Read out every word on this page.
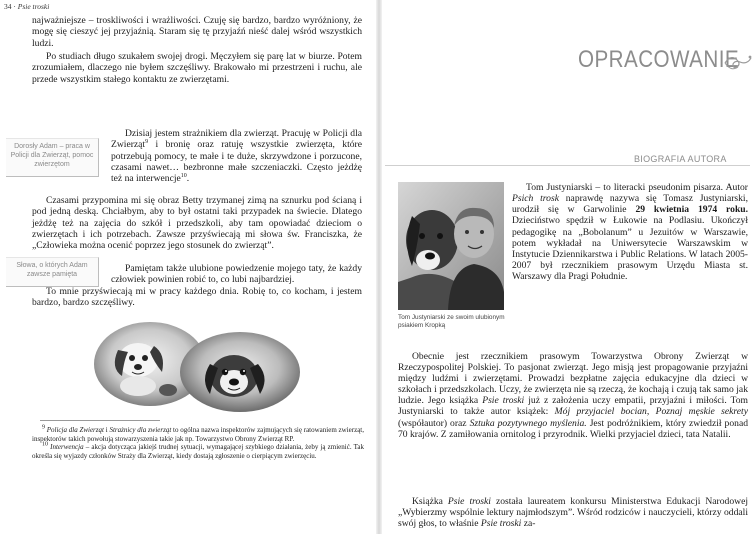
34 · Psie troski

najważniejsze – troskliwości i wrażliwości. Czuję się bardzo, bardzo wyróżniony, że mogę się cieszyć jej przyjaźnią. Staram się tę przyjaźń nieść dalej wśród wszystkich ludzi.

Po studiach długo szukałem swojej drogi. Męczyłem się parę lat w biurze. Potem zrozumiałem, dlaczego nie byłem szczęśliwy. Brakowało mi przestrzeni i ruchu, ale przede wszystkim stałego kontaktu ze zwierzętami.

Dorosły Adam – praca w Policji dla Zwierząt, pomoc zwierzętom

Dzisiaj jestem strażnikiem dla zwierząt. Pracuję w Policji dla Zwierząt$^9$ i bronię oraz ratuję wszystkie zwierzęta, które potrzebują pomocy, te małe i te duże, skrzywdzone i porzucone, czasami nawet… bezbronne małe szczeniaczki. Często jeżdżę też na interwencje$^{10}$.

Czasami przypomina mi się obraz Betty trzymanej zimą na sznurku pod ścianą i pod jedną deską. Chciałbym, aby to był ostatni taki przypadek na świecie. Dlatego jeżdżę też na zajęcia do szkół i przedszkoli, aby tam opowiadać dzieciom o zwierzętach i ich potrzebach. Zawsze przyświecają mi słowa św. Franciszka, że „Człowieka można ocenić poprzez jego stosunek do zwierząt”.

Słowa, o których Adam zawsze pamięta

Pamiętam także ulubione powiedzenie mojego taty, że każdy człowiek powinien robić to, co lubi najbardziej.

To mnie przyświecają mi w pracy każdego dnia. Robię to, co kocham, i jestem bardzo, bardzo szczęśliwy.

9 Policja dla Zwierząt i Strażnicy dla zwierząt to ogólna nazwa inspektorów zajmujących się ratowaniem zwierząt, inspektorów takich powołują stowarzyszenia takie jak np. Towarzystwo Obrony Zwierząt RP.

10 Interwencja – akcja dotycząca jakiejś trudnej sytuacji, wymagającej szybkiego działania, żeby ją zmienić. Tak określa się wyjazdy członków Straży dla Zwierząt, kiedy dostają zgłoszenie o cierpiącym zwierzęciu.

OPRACOWANIE
BIOGRAFIA AUTORA
Tom Justyniarski ze swoim ulubionym psiakiem Kropką

Tom Justyniarski – to literacki pseudonim pisarza. Autor Psich trosk naprawdę nazywa się Tomasz Justyniarski, urodził się w Garwolinie 29 kwietnia 1974 roku. Dzieciństwo spędził w Łukowie na Podlasiu. Ukończył pedagogikę na „Bobolanum” u Jezuitów w Warszawie, potem wykładał na Uniwersytecie Warszawskim w Instytucie Dziennikarstwa i Public Relations. W latach 2005-2007 był rzecznikiem prasowym Urzędu Miasta st. Warszawy dla Pragi Południe.

Obecnie jest rzecznikiem prasowym Towarzystwa Obrony Zwierząt w Rzeczypospolitej Polskiej. To pasjonat zwierząt. Jego misją jest propagowanie przyjaźni między ludźmi i zwierzętami. Prowadzi bezpłatne zajęcia edukacyjne dla dzieci w szkołach i przedszkolach. Uczy, że zwierzęta nie są rzeczą, że kochają i czują tak samo jak ludzie. Jego książka Psie troski już z założenia uczy empatii, przyjaźni i miłości. Tom Justyniarski to także autor książek: Mój przyjaciel bocian, Poznaj męskie sekrety (współautor) oraz Sztuka pozytywnego myślenia. Jest podróżnikiem, który zwiedził ponad 70 krajów. Z zamiłowania ornitolog i przyrodnik. Wielki przyjaciel dzieci, tata Natalii.

Książka Psie troski została laureatem konkursu Ministerstwa Edukacji Narodowej „Wybierzmy wspólnie lektury najmłodszym”. Wśród rodziców i nauczycieli, którzy oddali swój głos, to właśnie Psie troski za-
